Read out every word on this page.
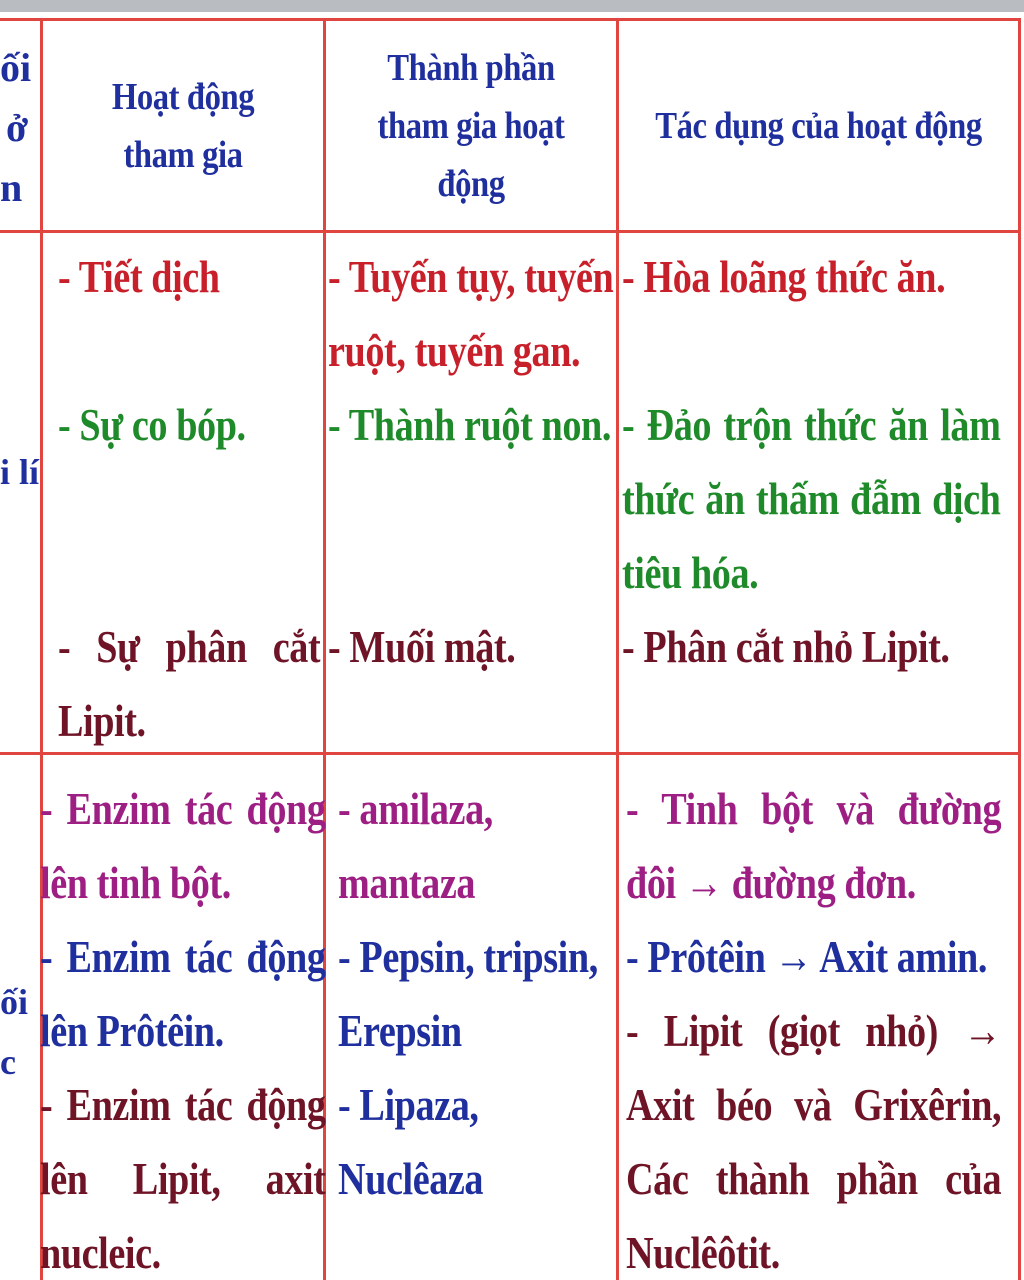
ối
ở
n
Hoạt động tham gia
Thành phần tham gia hoạt động
Tác dụng của hoạt động
i lí
- Tiết dịch
- Sự co bóp.
- Sự phân cắt Lipit.
- Tuyến tụy, tuyến ruột, tuyến gan.
- Thành ruột non.
- Muối mật.
- Hòa loãng thức ăn.
- Đảo trộn thức ăn làm thức ăn thấm đẫm dịch tiêu hóa.
- Phân cắt nhỏ Lipit.
ối
c
- Enzim tác động lên tinh bột.
- Enzim tác động lên Prôtêin.
- Enzim tác động lên Lipit, axit nucleic.
- amilaza, mantaza
- Pepsin, tripsin, Erepsin
- Lipaza, Nuclêaza
- Tinh bột và đường đôi → đường đơn.
- Prôtêin → Axit amin.
- Lipit (giọt nhỏ) → Axit béo và Grixêrin, Các thành phần của Nuclêôtit.
